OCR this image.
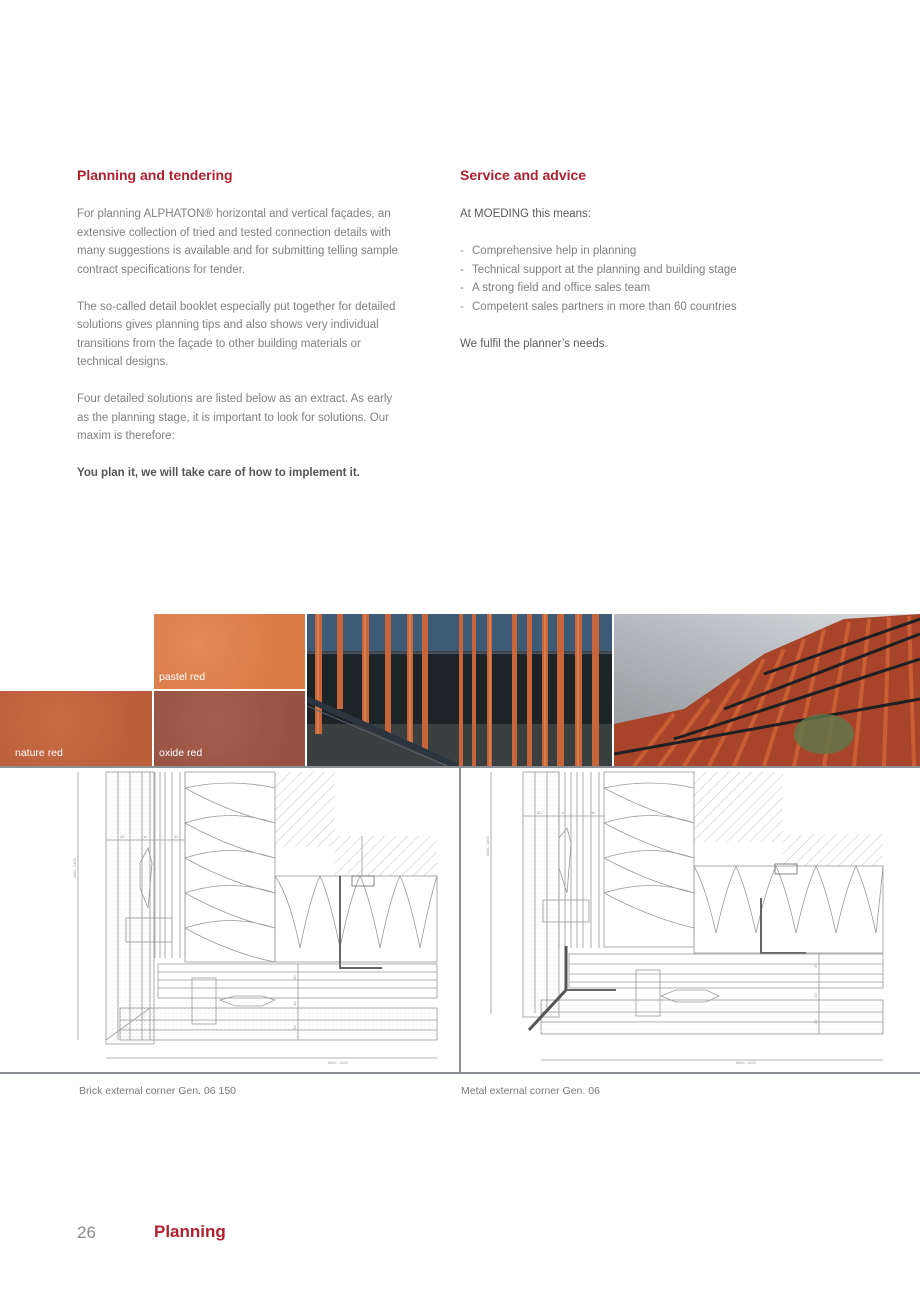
Planning and tendering

For planning ALPHATON® horizontal and vertical façades, an extensive collection of tried and tested connection details with many suggestions is available and for submitting telling sample contract specifications for tender.

The so-called detail booklet especially put together for detailed solutions gives planning tips and also shows very individual transitions from the façade to other building materials or technical designs.

Four detailed solutions are listed below as an extract. As early as the planning stage, it is important to look for solutions. Our maxim is therefore:

You plan it, we will take care of how to implement it.

Service and advice

At MOEDING this means:

- Comprehensive help in planning
- Technical support at the planning and building stage
- A strong field and office sales team
- Competent sales partners in more than 60 countries

We fulfil the planner’s needs.

pastel red
nature red	oxide red
30	10	30
MAX. 1492
MAX. 1492
30
10
30
30	10	30
MAX. 1492
MAX. 1492
30
10
30
Brick external corner Gen. 06 150	Metal external corner Gen. 06
26	Planning
